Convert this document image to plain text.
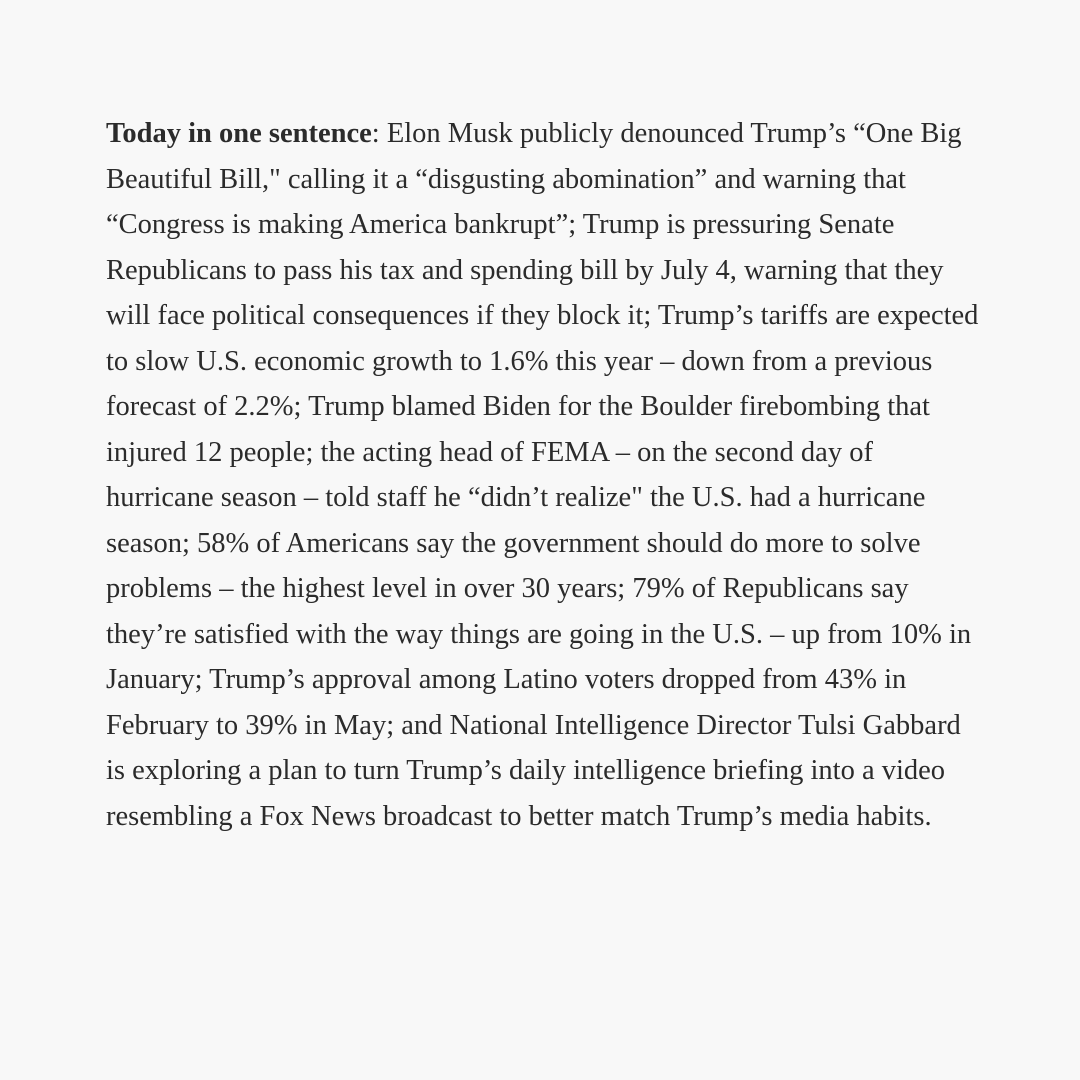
Today in one sentence: Elon Musk publicly denounced Trump’s “One Big Beautiful Bill," calling it a “disgusting abomination” and warning that “Congress is making America bankrupt”; Trump is pressuring Senate Republicans to pass his tax and spending bill by July 4, warning that they will face political consequences if they block it; Trump’s tariffs are expected to slow U.S. economic growth to 1.6% this year – down from a previous forecast of 2.2%; Trump blamed Biden for the Boulder firebombing that injured 12 people; the acting head of FEMA – on the second day of hurricane season – told staff he “didn’t realize" the U.S. had a hurricane season; 58% of Americans say the government should do more to solve problems – the highest level in over 30 years; 79% of Republicans say they’re satisfied with the way things are going in the U.S. – up from 10% in January; Trump’s approval among Latino voters dropped from 43% in February to 39% in May; and National Intelligence Director Tulsi Gabbard is exploring a plan to turn Trump’s daily intelligence briefing into a video resembling a Fox News broadcast to better match Trump’s media habits.
